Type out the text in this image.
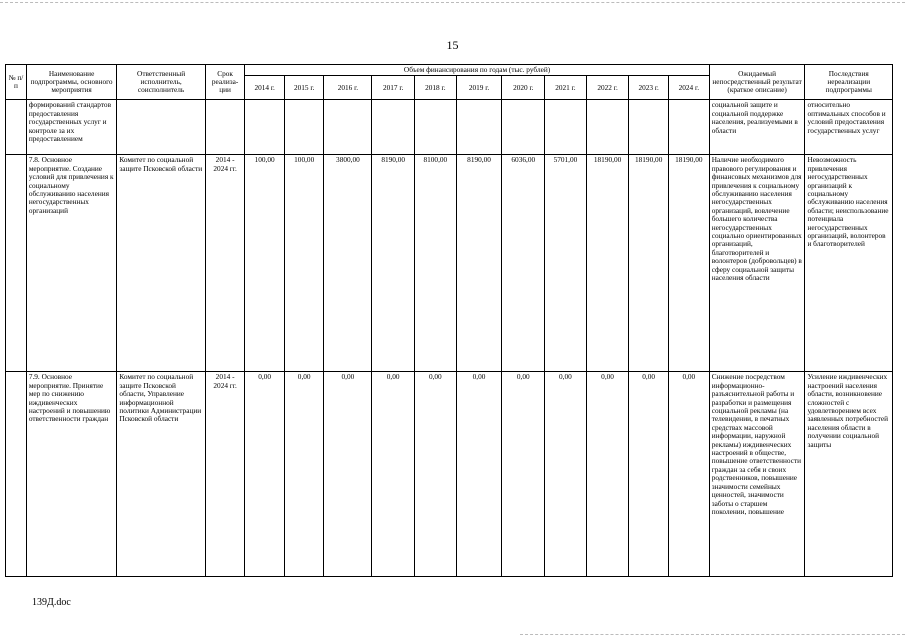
15
№ п/п	Наименование подпрограммы, основного мероприятия	Ответственный исполнитель, соисполнитель	Срок реализа-ции	Объем финансирования по годам (тыс. рублей)											Ожидаемый непосредственный результат (краткое описание)	Последствия нереализации подпрограммы
				2014 г.	2015 г.	2016 г.	2017 г.	2018 г.	2019 г.	2020 г.	2021 г.	2022 г.	2023 г.	2024 г.		
	формирований стандартов предоставления государственных услуг и контроле за их предоставлением														социальной защите и социальной поддержке населения, реализуемыми в области	относительно оптимальных способов и условий предоставления государственных услуг
	7.8. Основное мероприятие. Создание условий для привлечения к социальному обслуживанию населения негосударственных организаций	Комитет по социальной защите Псковской области	2014 - 2024 гг.	100,00	100,00	3800,00	8190,00	8100,00	8190,00	6036,00	5701,00	18190,00	18190,00	18190,00	Наличие необходимого правового регулирования и финансовых механизмов для привлечения к социальному обслуживанию населения негосударственных организаций, вовлечение большего количества негосударственных социально ориентированных организаций, благотворителей и волонтеров (добровольцев) в сферу социальной защиты населения области	Невозможность привлечения негосударственных организаций к социальному обслуживанию населения области; неиспользование потенциала негосударственных организаций, волонтеров и благотворителей
	7.9. Основное мероприятие. Принятие мер по снижению иждивенческих настроений и повышению ответственности граждан	Комитет по социальной защите Псковской области, Управление информационной политики Администрации Псковской области	2014 - 2024 гг.	0,00	0,00	0,00	0,00	0,00	0,00	0,00	0,00	0,00	0,00	0,00	Снижение посредством информационно-разъяснительной работы и разработки и размещения социальной рекламы (на телевидении, в печатных средствах массовой информации, наружной рекламы) иждивенческих настроений в обществе, повышение ответственности граждан за себя и своих родственников, повышение значимости семейных ценностей, значимости заботы о старшем поколении, повышение	Усиление иждивенческих настроений населения области, возникновение сложностей с удовлетворением всех заявленных потребностей населения области в получении социальной защиты
139Д.doc
